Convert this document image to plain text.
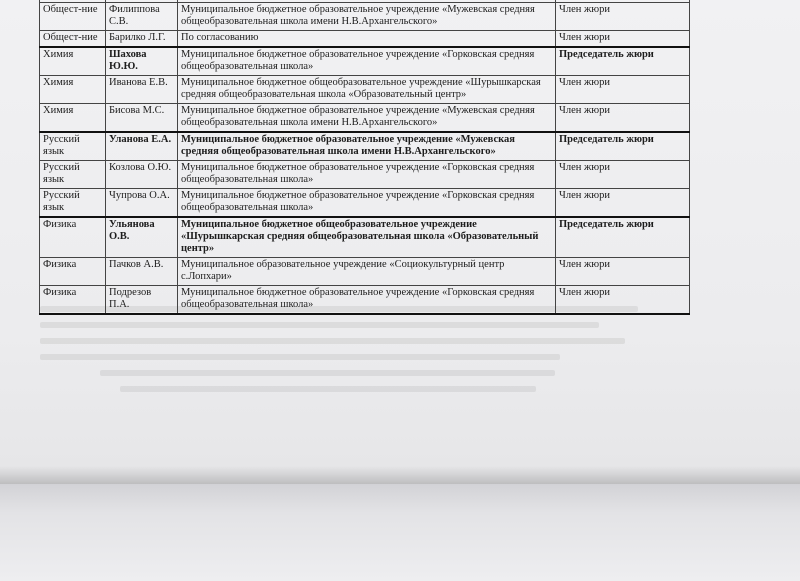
Общест-ние	Филиппова С.В.	Муниципальное бюджетное образовательное учреждение «Мужевская средняя общеобразовательная школа имени Н.В.Архангельского»	Член жюри
Общест-ние	Барилко Л.Г.	По согласованию	Член жюри
Химия	Шахова Ю.Ю.	Муниципальное бюджетное образовательное учреждение «Горковская средняя общеобразовательная школа»	Председатель жюри
Химия	Иванова Е.В.	Муниципальное бюджетное общеобразовательное учреждение «Шурышкарская средняя общеобразовательная школа «Образовательный центр»	Член жюри
Химия	Бисова М.С.	Муниципальное бюджетное образовательное учреждение «Мужевская средняя общеобразовательная школа имени Н.В.Архангельского»	Член жюри
Русский язык	Уланова Е.А.	Муниципальное бюджетное образовательное учреждение «Мужевская средняя общеобразовательная школа имени Н.В.Архангельского»	Председатель жюри
Русский язык	Козлова О.Ю.	Муниципальное бюджетное образовательное учреждение «Горковская средняя общеобразовательная школа»	Член жюри
Русский язык	Чупрова О.А.	Муниципальное бюджетное образовательное учреждение «Горковская средняя общеобразовательная школа»	Член жюри
Физика	Ульянова О.В.	Муниципальное бюджетное общеобразовательное учреждение «Шурышкарская средняя общеобразовательная школа «Образовательный центр»	Председатель жюри
Физика	Пачков А.В.	Муниципальное образовательное учреждение «Социокультурный центр с.Лопхари»	Член жюри
Физика	Подрезов П.А.	Муниципальное бюджетное образовательное учреждение «Горковская средняя общеобразовательная школа»	Член жюри
